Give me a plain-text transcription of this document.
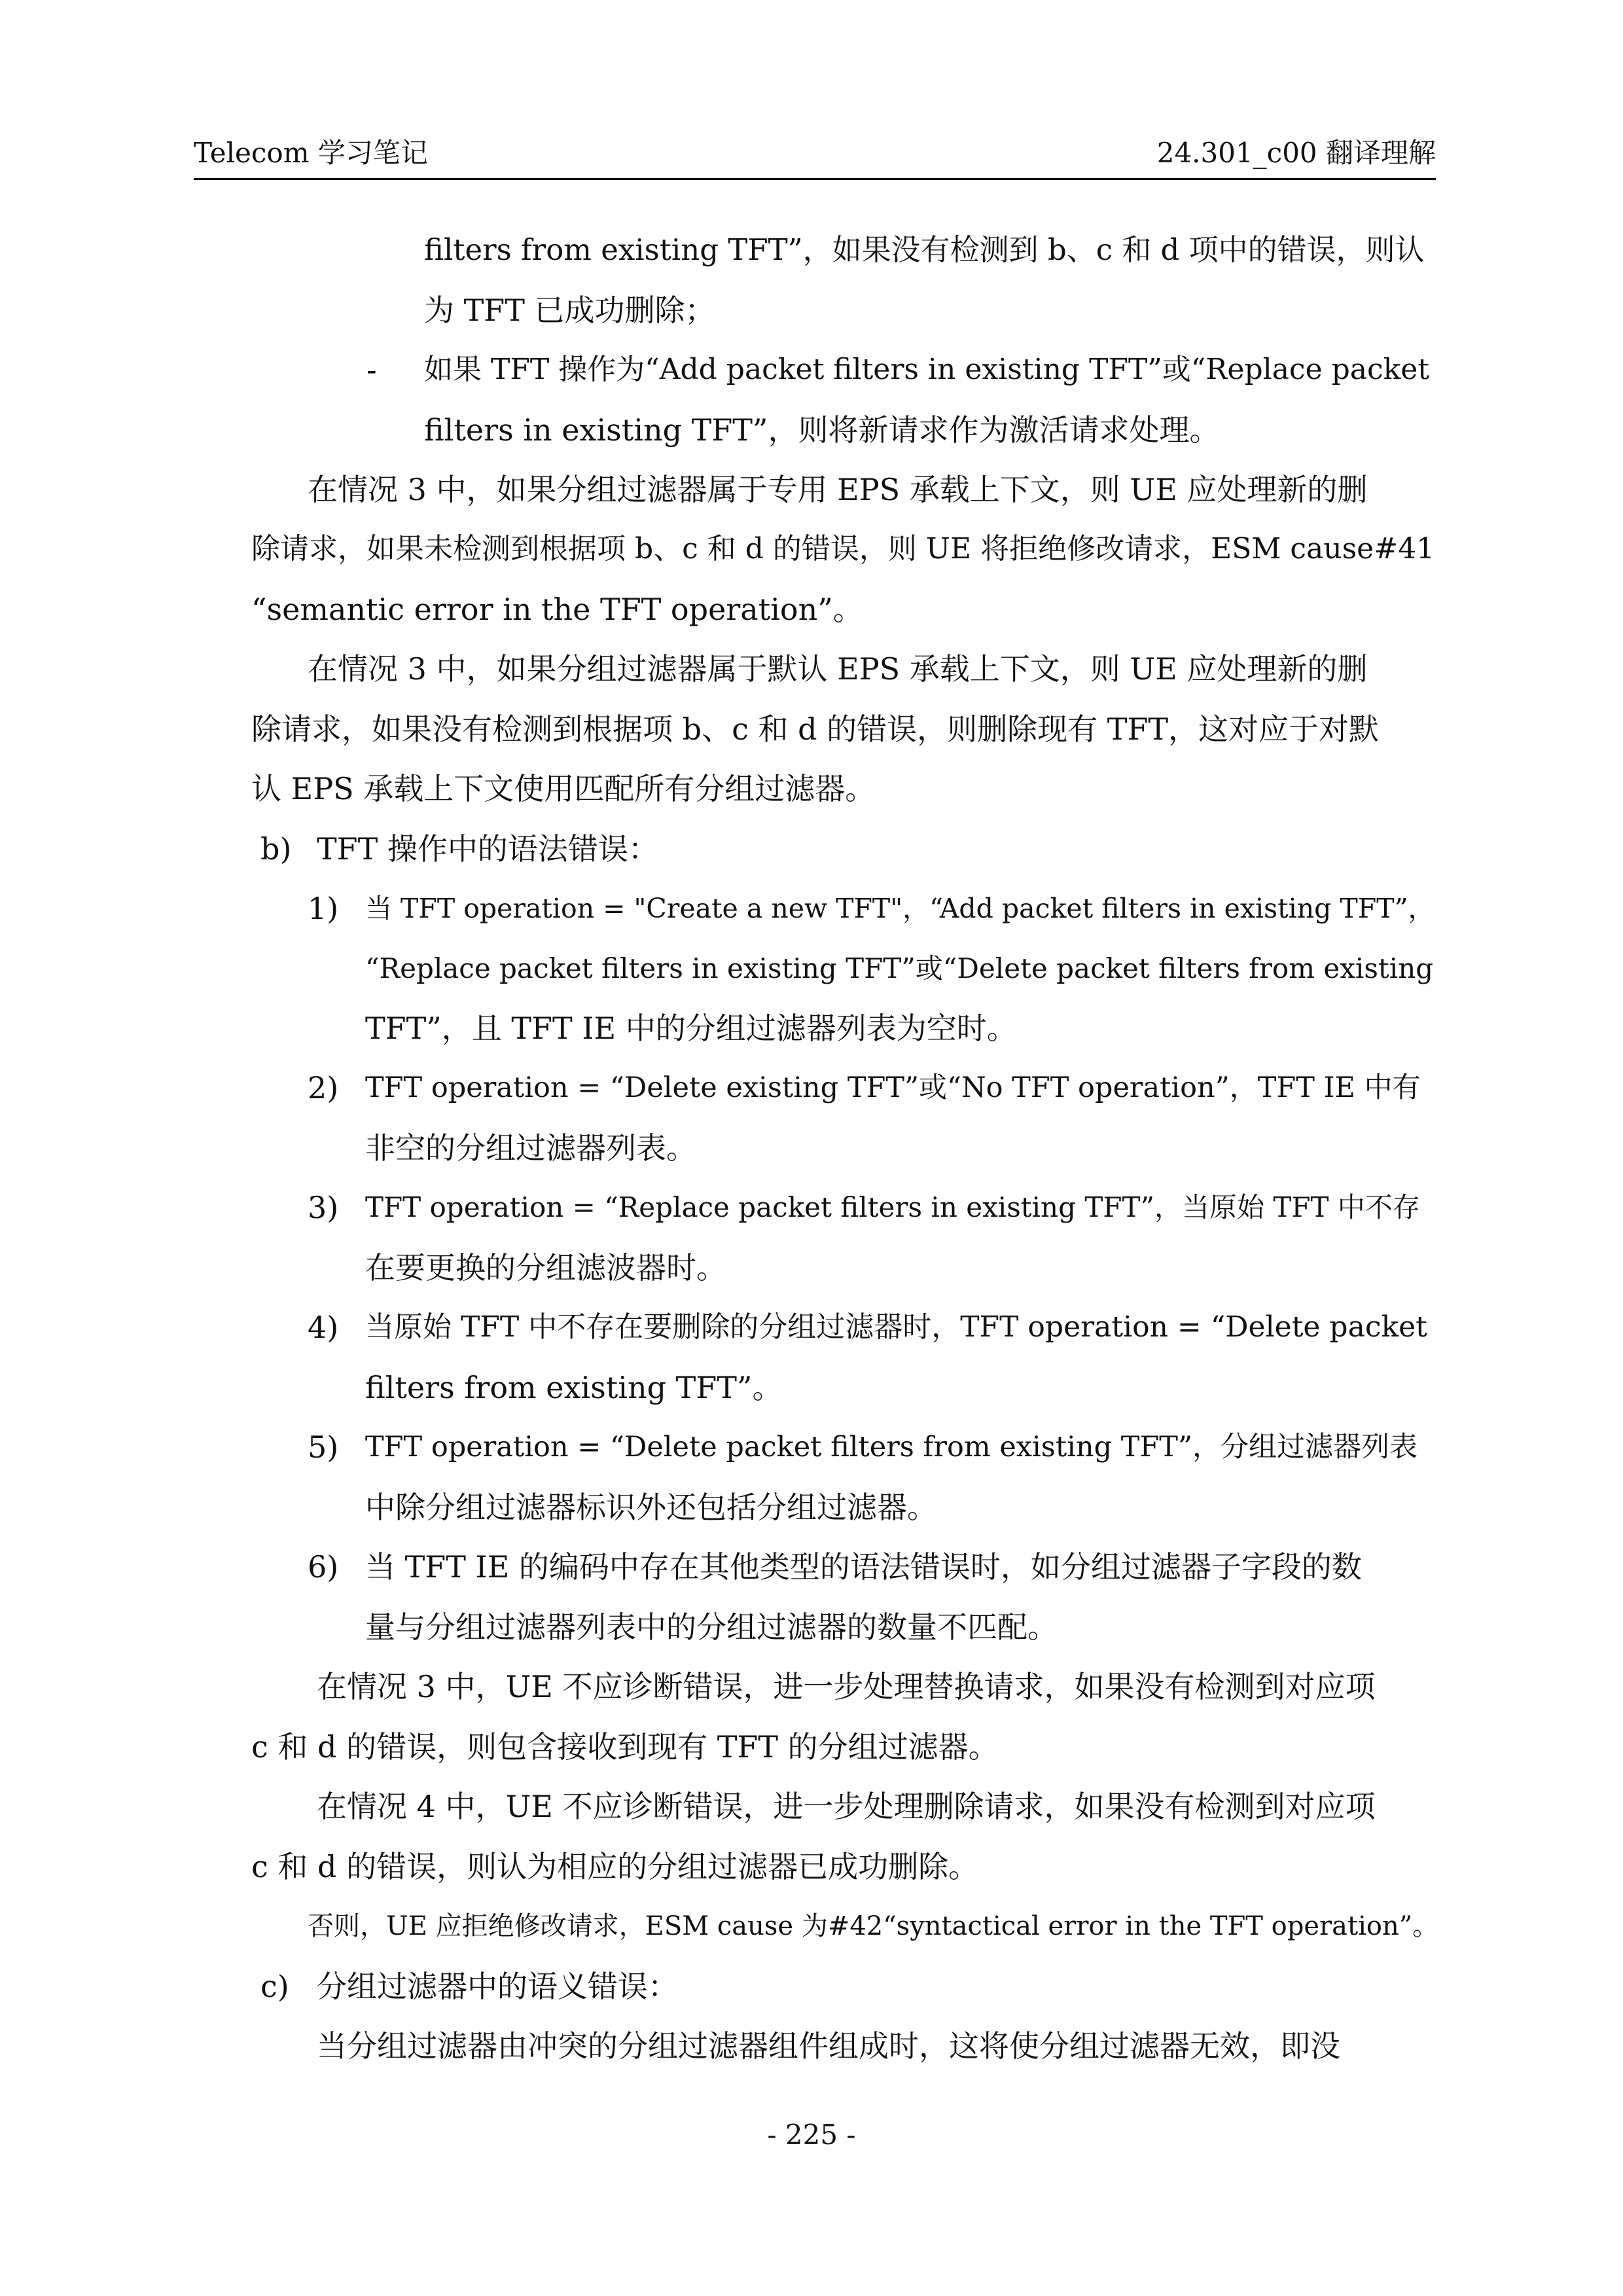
Telecom 学习笔记	24.301_c00 翻译理解
filters from existing TFT”，如果没有检测到 b、c 和 d 项中的错误，则认
为 TFT 已成功删除；
- 如果 TFT 操作为“Add packet filters in existing TFT”或“Replace packet
filters in existing TFT”，则将新请求作为激活请求处理。
在情况 3 中，如果分组过滤器属于专用 EPS 承载上下文，则 UE 应处理新的删
除请求，如果未检测到根据项 b、c 和 d 的错误，则 UE 将拒绝修改请求，ESM cause#41
“semantic error in the TFT operation”。
在情况 3 中，如果分组过滤器属于默认 EPS 承载上下文，则 UE 应处理新的删
除请求，如果没有检测到根据项 b、c 和 d 的错误，则删除现有 TFT，这对应于对默
认 EPS 承载上下文使用匹配所有分组过滤器。
b) TFT 操作中的语法错误：
1) 当 TFT operation = "Create a new TFT"，“Add packet filters in existing TFT”，
“Replace packet filters in existing TFT”或“Delete packet filters from existing
TFT”，且 TFT IE 中的分组过滤器列表为空时。
2) TFT operation = “Delete existing TFT”或“No TFT operation”，TFT IE 中有
非空的分组过滤器列表。
3) TFT operation = “Replace packet filters in existing TFT”，当原始 TFT 中不存
在要更换的分组滤波器时。
4) 当原始 TFT 中不存在要删除的分组过滤器时，TFT operation = “Delete packet
filters from existing TFT”。
5) TFT operation = “Delete packet filters from existing TFT”，分组过滤器列表
中除分组过滤器标识外还包括分组过滤器。
6) 当 TFT IE 的编码中存在其他类型的语法错误时，如分组过滤器子字段的数
量与分组过滤器列表中的分组过滤器的数量不匹配。
在情况 3 中，UE 不应诊断错误，进一步处理替换请求，如果没有检测到对应项
c 和 d 的错误，则包含接收到现有 TFT 的分组过滤器。
在情况 4 中，UE 不应诊断错误，进一步处理删除请求，如果没有检测到对应项
c 和 d 的错误，则认为相应的分组过滤器已成功删除。
否则，UE 应拒绝修改请求，ESM cause 为#42“syntactical error in the TFT operation”。
c) 分组过滤器中的语义错误：
当分组过滤器由冲突的分组过滤器组件组成时，这将使分组过滤器无效，即没
- 225 -
